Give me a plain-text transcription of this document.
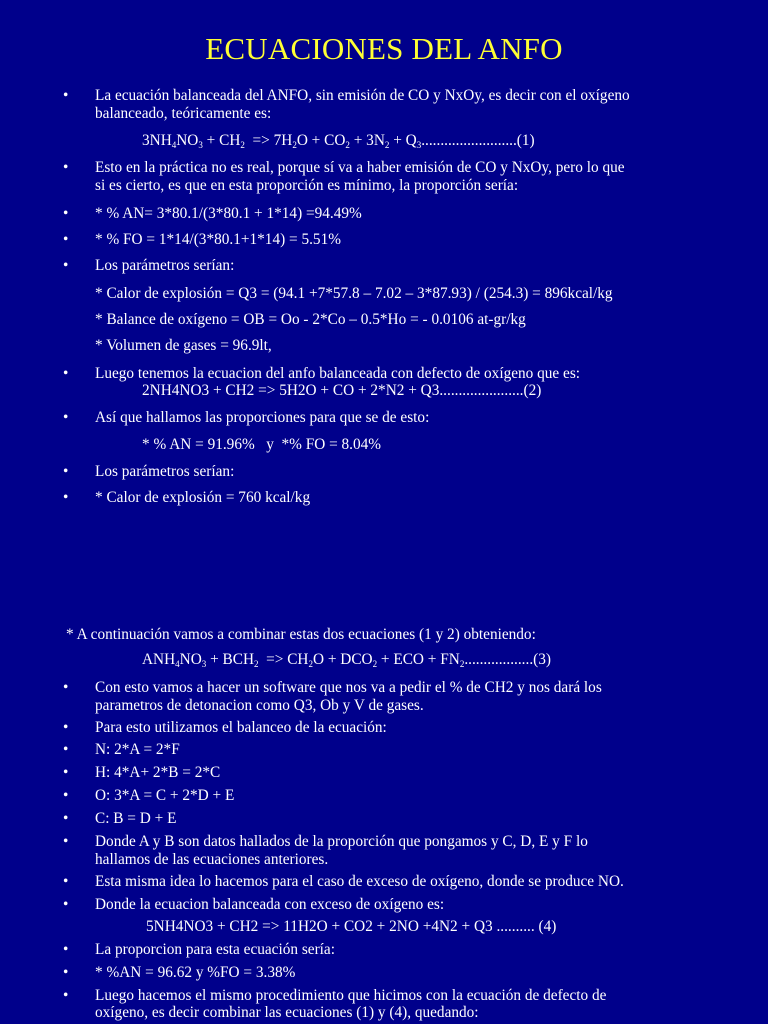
ECUACIONES DEL ANFO
•	La ecuación balanceada del ANFO, sin emisión de CO y NxOy, es decir con el oxígeno
balanceado, teóricamente es:
$3NH_4NO_3 + CH_2 => 7H_2O + CO_2 + 3N_2 + Q_3.........................(1)$
•	Esto en la práctica no es real, porque sí va a haber emisión de CO y NxOy, pero lo que
si es cierto, es que en esta proporción es mínimo, la proporción sería:
•	* % AN= 3*80.1/(3*80.1 + 1*14) =94.49%
•	* % FO = 1*14/(3*80.1+1*14) = 5.51%
•	Los parámetros serían:
* Calor de explosión = Q3 = (94.1 +7*57.8 – 7.02 – 3*87.93) / (254.3) = 896kcal/kg
* Balance de oxígeno = OB = Oo - 2*Co – 0.5*Ho = - 0.0106 at-gr/kg
* Volumen de gases = 96.9lt,
•	Luego tenemos la ecuacion del anfo balanceada con defecto de oxígeno que es:
2NH4NO3 + CH2 => 5H2O + CO + 2*N2 + Q3......................(2)
•	Así que hallamos las proporciones para que se de esto:
* % AN = 91.96%   y  *% FO = 8.04%
•	Los parámetros serían:
•	* Calor de explosión = 760 kcal/kg
* A continuación vamos a combinar estas dos ecuaciones (1 y 2) obteniendo:
$ANH_4NO_3 + BCH_2 => CH_2O + DCO_2$ + ECO + $FN_2..................(3)$
•	Con esto vamos a hacer un software que nos va a pedir el % de CH2 y nos dará los
parametros de detonacion como Q3, Ob y V de gases.
•	Para esto utilizamos el balanceo de la ecuación:
•	N: 2*A = 2*F
•	H: 4*A+ 2*B = 2*C
•	O: 3*A = C + 2*D + E
•	C: B = D + E
•	Donde A y B son datos hallados de la proporción que pongamos y C, D, E y F lo
hallamos de las ecuaciones anteriores.
•	Esta misma idea lo hacemos para el caso de exceso de oxígeno, donde se produce NO.
•	Donde la ecuacion balanceada con exceso de oxígeno es:
5NH4NO3 + CH2 => 11H2O + CO2 + 2NO +4N2 + Q3 .......... (4)
•	La proporcion para esta ecuación sería:
•	* %AN = 96.62 y %FO = 3.38%
•	Luego hacemos el mismo procedimiento que hicimos con la ecuación de defecto de
oxígeno, es decir combinar las ecuaciones (1) y (4), quedando:
